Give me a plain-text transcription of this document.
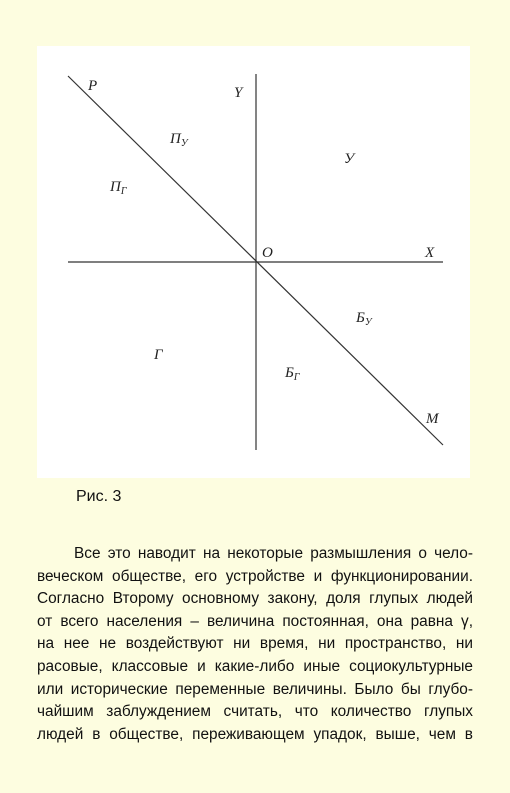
P	Y
$П_У$
У
$П_Г$
O	X
$Б_У$
Г
$Б_Г$
M
Рис. 3
Все это наводит на некоторые размышления о чело-
веческом обществе, его устройстве и функционировании.
Согласно Второму основному закону, доля глупых людей
от всего населения – величина постоянная, она равна γ,
на нее не воздействуют ни время, ни пространство, ни
расовые, классовые и какие-либо иные социокультурные
или исторические переменные величины. Было бы глубо-
чайшим заблуждением считать, что количество глупых
людей в обществе, переживающем упадок, выше, чем в
